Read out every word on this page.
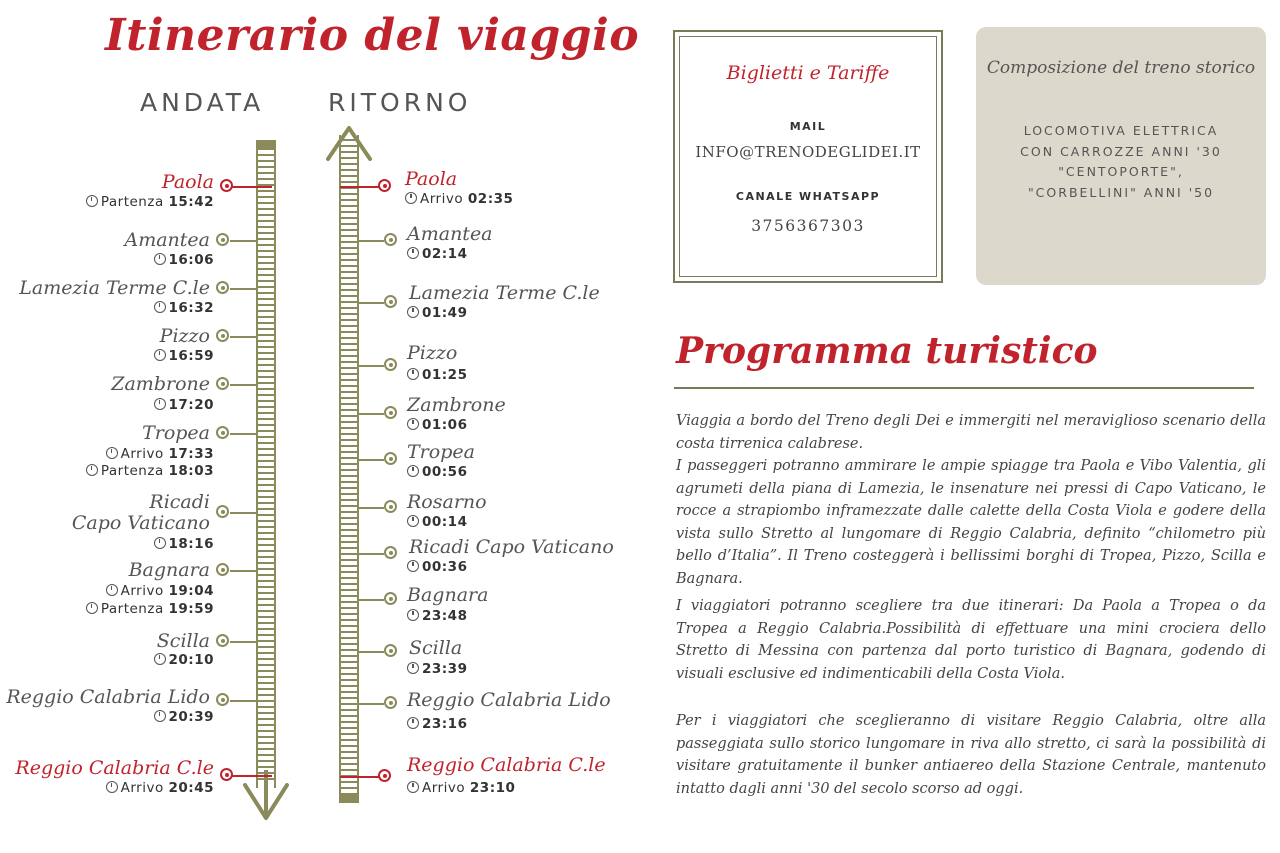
Itinerario del viaggio
ANDATA	RITORNO
Paola
Partenza 15:42
Amantea
16:06
Lamezia Terme C.le
16:32
Pizzo
16:59
Zambrone
17:20
Tropea
Arrivo 17:33
Partenza 18:03
Ricadi
Capo Vaticano
18:16
Bagnara
Arrivo 19:04
Partenza 19:59
Scilla
20:10
Reggio Calabria Lido
20:39
Reggio Calabria C.le
Arrivo 20:45
Paola
Arrivo 02:35
Amantea
02:14
Lamezia Terme C.le
01:49
Pizzo
01:25
Zambrone
01:06
Tropea
00:56
Rosarno
00:14
Ricadi Capo Vaticano
00:36
Bagnara
23:48
Scilla
23:39
Reggio Calabria Lido
23:16
Reggio Calabria C.le
Arrivo 23:10
Biglietti e Tariffe
MAIL
INFO@TRENODEGLIDEI.IT
CANALE WHATSAPP
3756367303
Composizione del treno storico
LOCOMOTIVA ELETTRICA
CON CARROZZE ANNI '30
"CENTOPORTE",
"CORBELLINI" ANNI '50
Programma turistico
Viaggia a bordo del Treno degli Dei e immergiti nel meraviglioso scenario della costa tirrenica calabrese.
I passeggeri potranno ammirare le ampie spiagge tra Paola e Vibo Valentia, gli agrumeti della piana di Lamezia, le insenature nei pressi di Capo Vaticano, le rocce a strapiombo inframezzate dalle calette della Costa Viola e godere della vista sullo Stretto al lungomare di Reggio Calabria, definito “chilometro più bello d’Italia”. Il Treno costeggerà i bellissimi borghi di Tropea, Pizzo, Scilla e Bagnara.
I viaggiatori potranno scegliere tra due itinerari: Da Paola a Tropea o da Tropea a Reggio Calabria.Possibilità di effettuare una mini crociera dello Stretto di Messina con partenza dal porto turistico di Bagnara, godendo di visuali esclusive ed indimenticabili della Costa Viola.
Per i viaggiatori che sceglieranno di visitare Reggio Calabria, oltre alla passeggiata sullo storico lungomare in riva allo stretto, ci sarà la possibilità di visitare gratuitamente il bunker antiaereo della Stazione Centrale, mantenuto intatto dagli anni '30 del secolo scorso ad oggi.
